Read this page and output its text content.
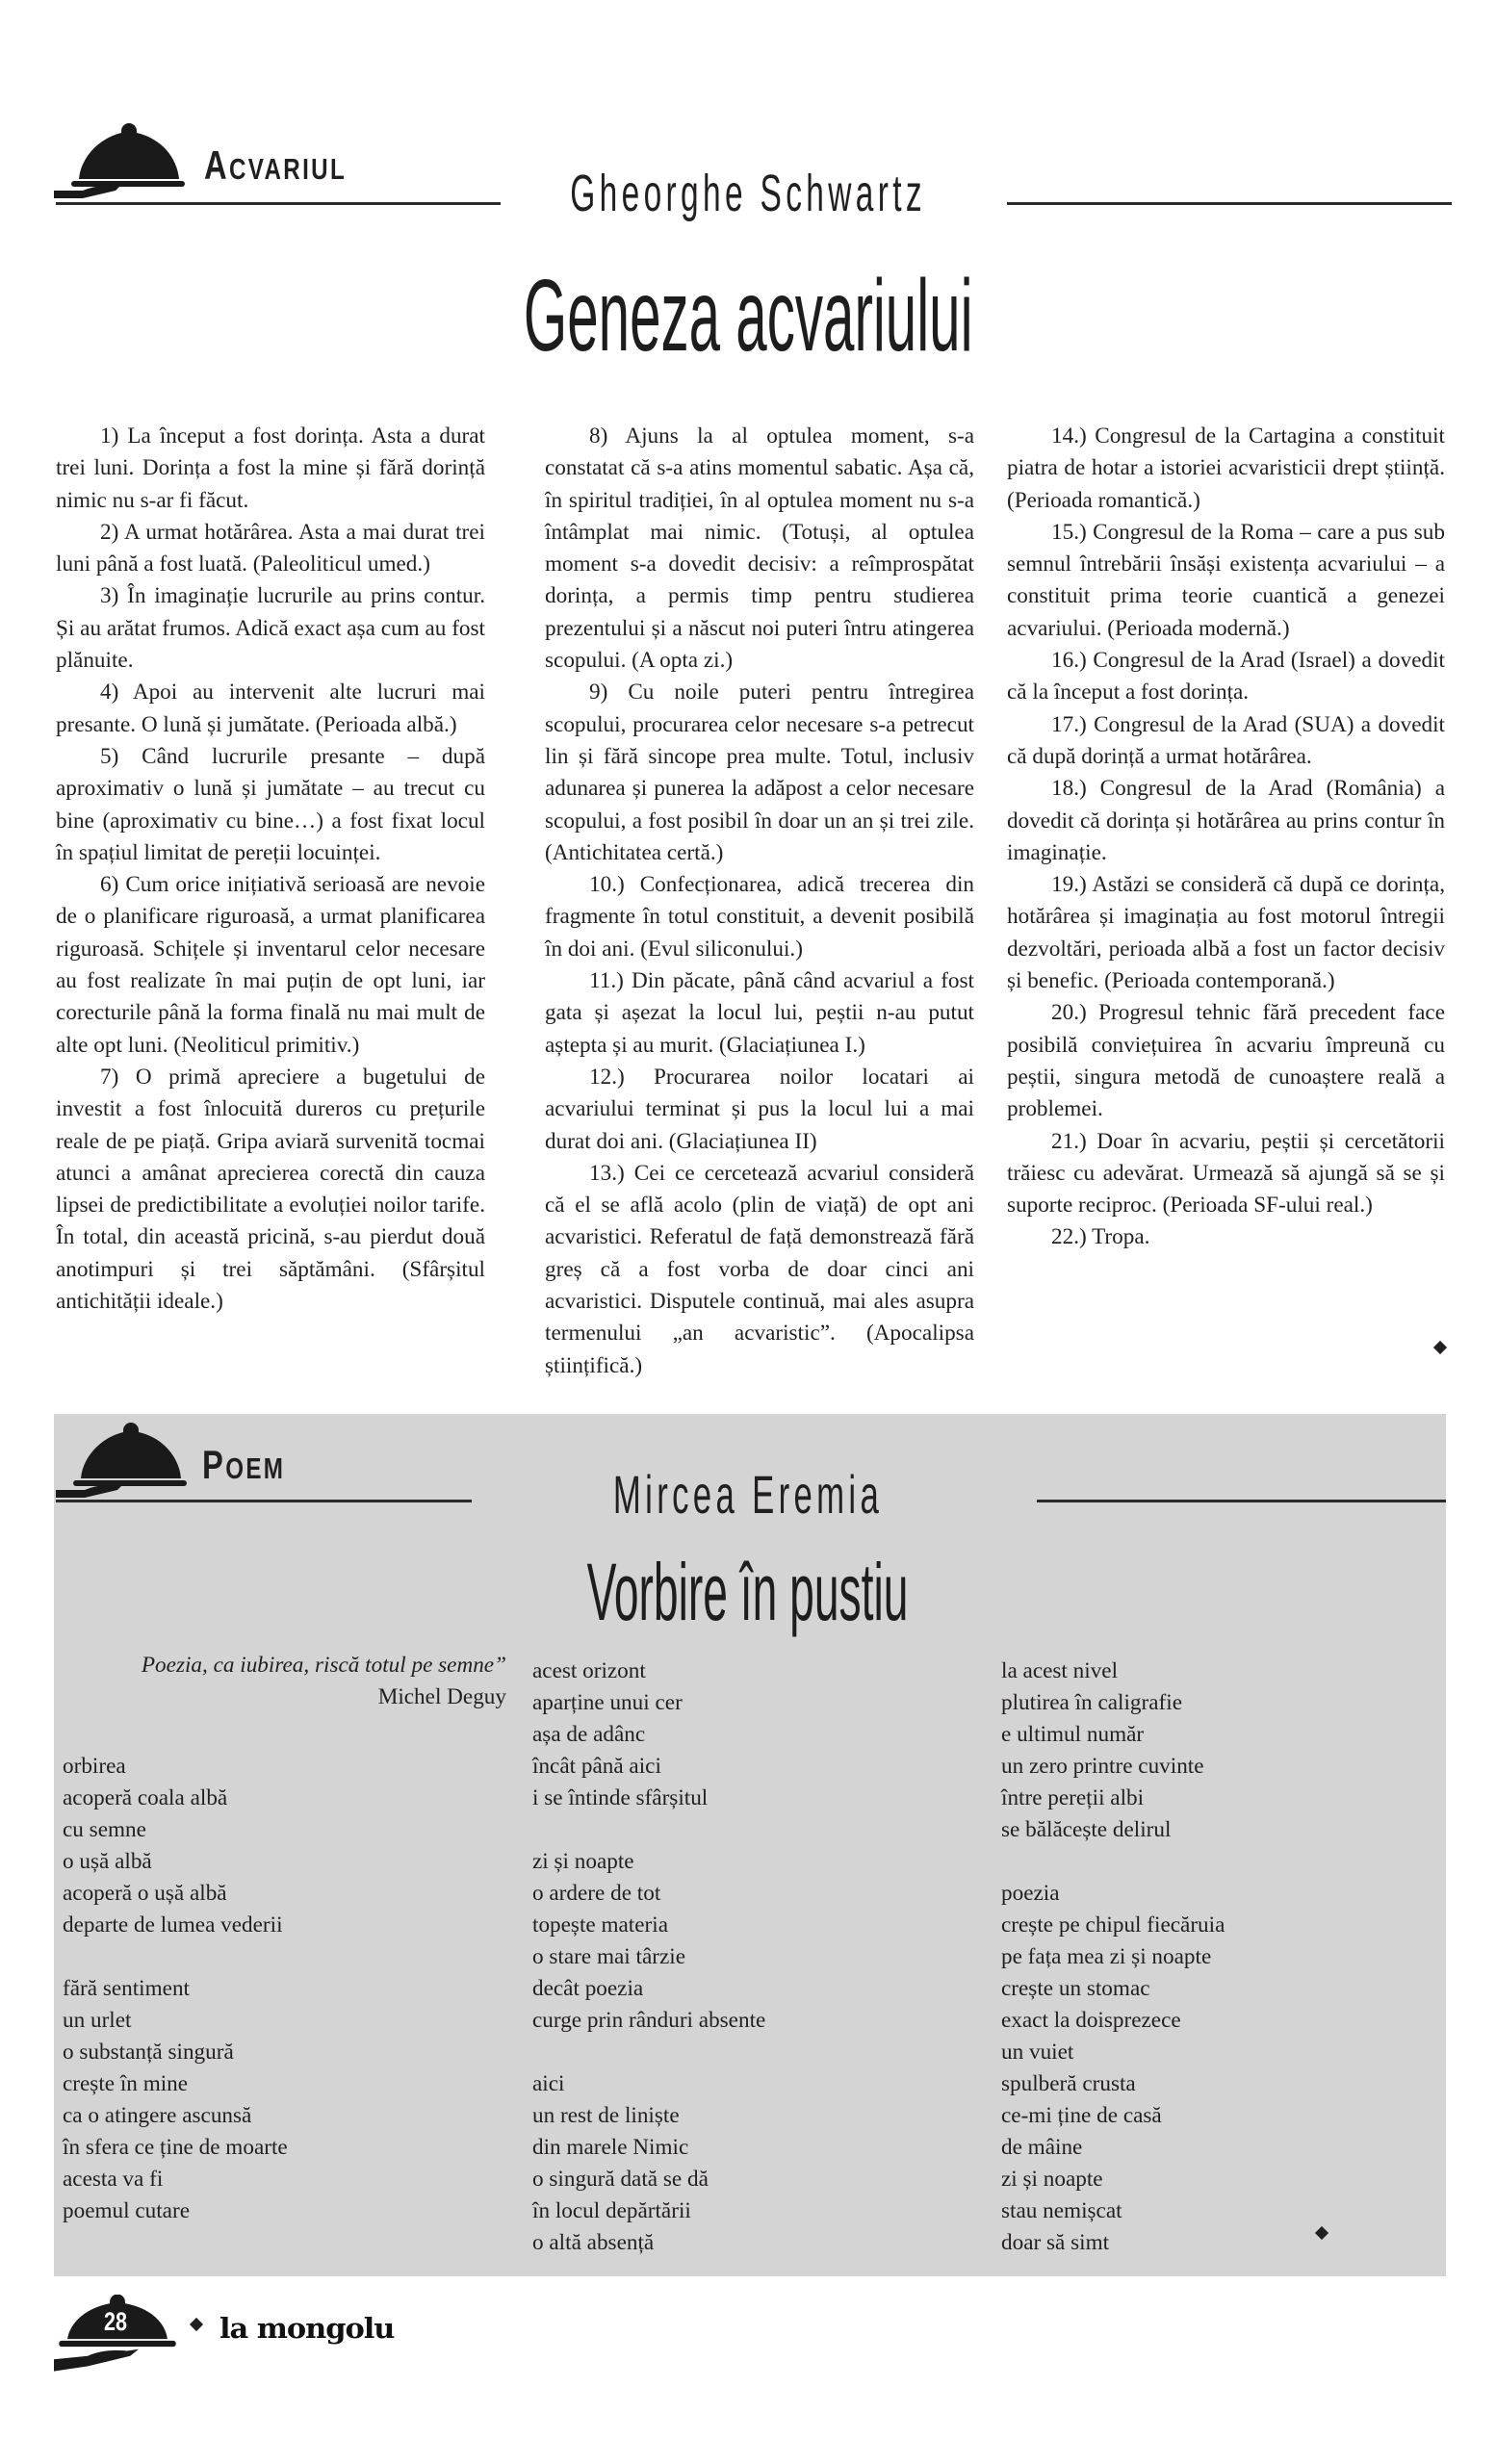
ACVARIUL	Gheorghe Schwartz
Geneza acvariului

1) La început a fost dorința. Asta a durat trei luni. Dorința a fost la mine și fără dorință nimic nu s-ar fi făcut.

2) A urmat hotărârea. Asta a mai durat trei luni până a fost luată. (Paleoliticul umed.)

3) În imaginație lucrurile au prins contur. Și au arătat frumos. Adică exact așa cum au fost plănuite.

4) Apoi au intervenit alte lucruri mai presante. O lună și jumătate. (Perioada albă.)

5) Când lucrurile presante – după aproximativ o lună și jumătate – au trecut cu bine (aproximativ cu bine…) a fost fixat locul în spațiul limitat de pereții locuinței.

6) Cum orice inițiativă serioasă are nevoie de o planificare riguroasă, a urmat planificarea riguroasă. Schițele și inventarul celor necesare au fost realizate în mai puțin de opt luni, iar corecturile până la forma finală nu mai mult de alte opt luni. (Neoliticul primitiv.)

7) O primă apreciere a bugetului de investit a fost înlocuită dureros cu prețurile reale de pe piață. Gripa aviară survenită tocmai atunci a amânat aprecierea corectă din cauza lipsei de predictibilitate a evoluției noilor tarife. În total, din această pricină, s-au pierdut două anotimpuri și trei săptămâni. (Sfârșitul antichității ideale.)

8) Ajuns la al optulea moment, s-a constatat că s-a atins momentul sabatic. Așa că, în spiritul tradiției, în al optulea moment nu s-a întâmplat mai nimic. (Totuși, al optulea moment s-a dovedit decisiv: a reîmprospătat dorința, a permis timp pentru studierea prezentului și a născut noi puteri întru atingerea scopului. (A opta zi.)

9) Cu noile puteri pentru întregirea scopului, procurarea celor necesare s-a petrecut lin și fără sincope prea multe. Totul, inclusiv adunarea și punerea la adăpost a celor necesare scopului, a fost posibil în doar un an și trei zile. (Antichitatea certă.)

10.) Confecționarea, adică trecerea din fragmente în totul constituit, a devenit posibilă în doi ani. (Evul siliconului.)

11.) Din păcate, până când acvariul a fost gata și așezat la locul lui, peștii n-au putut aștepta și au murit. (Glaciațiunea I.)

12.) Procurarea noilor locatari ai acvariului terminat și pus la locul lui a mai durat doi ani. (Glaciațiunea II)

13.) Cei ce cercetează acvariul consideră că el se află acolo (plin de viață) de opt ani acvaristici. Referatul de față demonstrează fără greș că a fost vorba de doar cinci ani acvaristici. Disputele continuă, mai ales asupra termenului „an acvaristic”. (Apocalipsa științifică.)

14.) Congresul de la Cartagina a constituit piatra de hotar a istoriei acvaristicii drept știință. (Perioada romantică.)

15.) Congresul de la Roma – care a pus sub semnul întrebării însăși existența acvariului – a constituit prima teorie cuantică a genezei acvariului. (Perioada modernă.)

16.) Congresul de la Arad (Israel) a dovedit că la început a fost dorința.

17.) Congresul de la Arad (SUA) a dovedit că după dorință a urmat hotărârea.

18.) Congresul de la Arad (România) a dovedit că dorința și hotărârea au prins contur în imaginație.

19.) Astăzi se consideră că după ce dorința, hotărârea și imaginația au fost motorul întregii dezvoltări, perioada albă a fost un factor decisiv și benefic. (Perioada contemporană.)

20.) Progresul tehnic fără precedent face posibilă conviețuirea în acvariu împreună cu peștii, singura metodă de cunoaștere reală a problemei.

21.) Doar în acvariu, peștii și cercetătorii trăiesc cu adevărat. Urmează să ajungă să se și suporte reciproc. (Perioada SF-ului real.)

22.) Tropa.

POEM	Mircea Eremia
Vorbire în pustiu
Poezia, ca iubirea, riscă totul pe semne”
Michel Deguy
orbirea
acoperă coala albă
cu semne
o ușă albă
acoperă o ușă albă
departe de lumea vederii
fără sentiment
un urlet
o substanță singură
crește în mine
ca o atingere ascunsă
în sfera ce ține de moarte
acesta va fi
poemul cutare
acest orizont
aparține unui cer
așa de adânc
încât până aici
i se întinde sfârșitul
zi și noapte
o ardere de tot
topește materia
o stare mai târzie
decât poezia
curge prin rânduri absente
aici
un rest de liniște
din marele Nimic
o singură dată se dă
în locul depărtării
o altă absență
la acest nivel
plutirea în caligrafie
e ultimul număr
un zero printre cuvinte
între pereții albi
se bălăcește delirul
poezia
crește pe chipul fiecăruia
pe fața mea zi și noapte
crește un stomac
exact la doisprezece
un vuiet
spulberă crusta
ce-mi ține de casă
de mâine
zi și noapte
stau nemișcat
doar să simt
28	la mongolu
